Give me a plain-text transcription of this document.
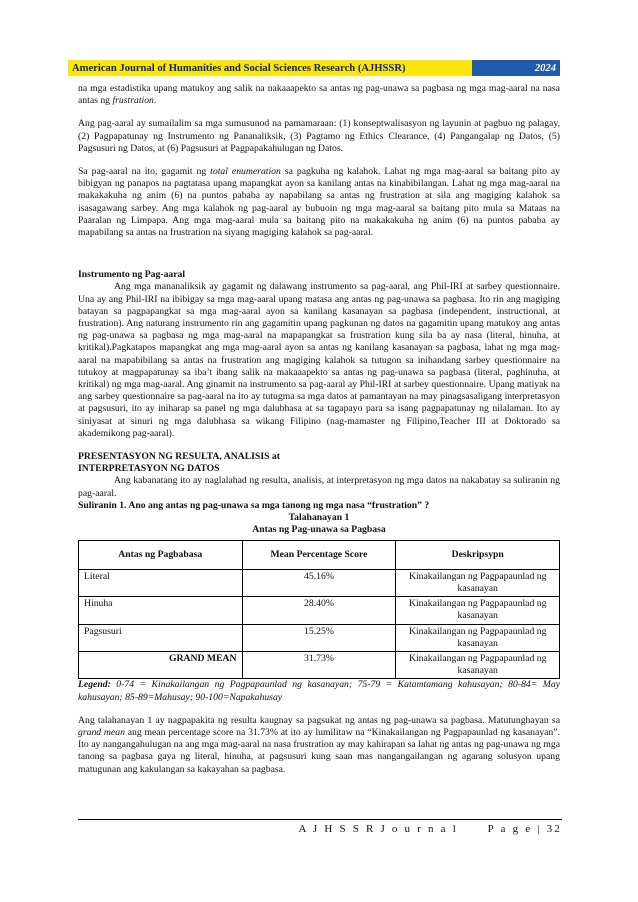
American Journal of Humanities and Social Sciences Research (AJHSSR)	2024

na mga estadistika upang matukoy ang salik na nakaaapekto sa antas ng pag-unawa sa pagbasa ng mga mag-aaral na nasa antas ng frustration.

Ang pag-aaral ay sumailalim sa mga sumusunod na pamamaraan: (1) konseptwalisasyon ng layunin at pagbuo ng palagay, (2) Pagpapatunay ng Instrumento ng Pananaliksik, (3) Pagtamo ng Ethics Clearance, (4) Pangangalap ng Datos, (5) Pagsusuri ng Datos, at (6) Pagsusuri at Pagpapakahulugan ng Datos.

Sa pag-aaral na ito, gagamit ng total enumeration sa pagkuha ng kalahok. Lahat ng mga mag-aaral sa baitang pito ay bibigyan ng panapos na pagtatasa upang mapangkat ayon sa kanilang antas na kinabibilangan. Lahat ng mga mag-aaral na makakakuha ng anim (6) na puntos pababa ay napabilang sa antas ng frustration at sila ang magiging kalahok sa isasagawang sarbey. Ang mga kalahok ng pag-aaral ay bubuoin ng mga mag-aaral sa baitang pito mula sa Mataas na Paaralan ng Limpapa. Ang mga mag-aaral mula sa baitang pito na makakakuha ng anim (6) na puntos pababa ay mapabilang sa antas na frustration na siyang magiging kalahok sa pag-aaral.

Instrumento ng Pag-aaral

Ang mga mananaliksik ay gagamit ng dalawang instrumento sa pag-aaral, ang Phil-IRI at sarbey questionnaire. Una ay ang Phil-IRI na ibibigay sa mga mag-aaral upang matasa ang antas ng pag-unawa sa pagbasa. Ito rin ang magiging batayan sa pagpapangkat sa mga mag-aaral ayon sa kanilang kasanayan sa pagbasa (independent, instructional, at frustration). Ang naturang instrumento rin ang gagamitin upang pagkunan ng datos na gagamitin upang matukoy ang antas ng pag-unawa sa pagbasa ng mga mag-aaral na mapapangkat sa frustration kung sila ba ay nasa (literal, hinuha, at kritikal).Pagkatapos mapangkat ang mga mag-aaral ayon sa antas ng kanilang kasanayan sa pagbasa, lahat ng mga mag-aaral na mapabibilang sa antas na frustration ang magiging kalahok sa tutugon sa inihandang sarbey questionnaire na tutukoy at magpapatunay sa iba’t ibang salik na makaaapekto sa antas ng pag-unawa sa pagbasa (literal, paghinuha, at kritikal) ng mga mag-aaral. Ang ginamit na instrumento sa pag-aaral ay Phil-IRI at sarbey questionnaire. Upang matiyak na ang sarbey questionnaire sa pag-aaral na ito ay tutugma sa mga datos at pamantayan na may pinagsasaligang interpretasyon at pagsusuri, ito ay iniharap sa panel ng mga dalubhasa at sa tagapayo para sa isang pagpapatunay ng nilalaman. Ito ay siniyasat at sinuri ng mga dalubhasa sa wikang Filipino (nag-mamaster ng Filipino,Teacher III at Doktorado sa akademikong pag-aaral).

PRESENTASYON NG RESULTA, ANALISIS at

INTERPRETASYON NG DATOS

Ang kabanatang ito ay naglalahad ng resulta, analisis, at interpretasyon ng mga datos na nakabatay sa suliranin ng pag-aaral.

Suliranin 1. Ano ang antas ng pag-unawa sa mga tanong ng mga nasa “frustration” ?

Talahanayan 1

Antas ng Pag-unawa sa Pagbasa

Antas ng Pagbabasa	Mean Percentage Score	Deskripsypn
Literal	45.16%	Kinakailangan ng Pagpapaunlad ng kasanayan
Hinuha	28.40%	Kinakailangan ng Pagpapaunlad ng kasanayan
Pagsusuri	15.25%	Kinakailangan ng Pagpapaunlad ng kasanayan
GRAND MEAN	31.73%	Kinakailangan ng Pagpapaunlad ng kasanayan

Legend: 0-74 = Kinakailangan ng Pagpapaunlad ng kasanayan; 75-79 = Katamtamang kahusayan; 80-84= May kahusayan; 85-89=Mahusay; 90-100=Napakahusay

Ang talahanayan 1 ay nagpapakita ng resulta kaugnay sa pagsukat ng antas ng pag-unawa sa pagbasa. Matutunghayan sa grand mean ang mean percentage score na 31.73% at ito ay lumilitaw na “Kinakailangan ng Pagpapaunlad ng kasanayan”. Ito ay nangangahulugan na ang mga mag-aaral na nasa frustration ay may kahirapan sa lahat ng antas ng pag-unawa ng mga tanong sa pagbasa gaya ng literal, hinuha, at pagsusuri kung saan mas nangangailangan ng agarang solusyon upang matugunan ang kakulangan sa kakayahan sa pagbasa.

A J H S S R J o u r n a l	P a g e | 32
